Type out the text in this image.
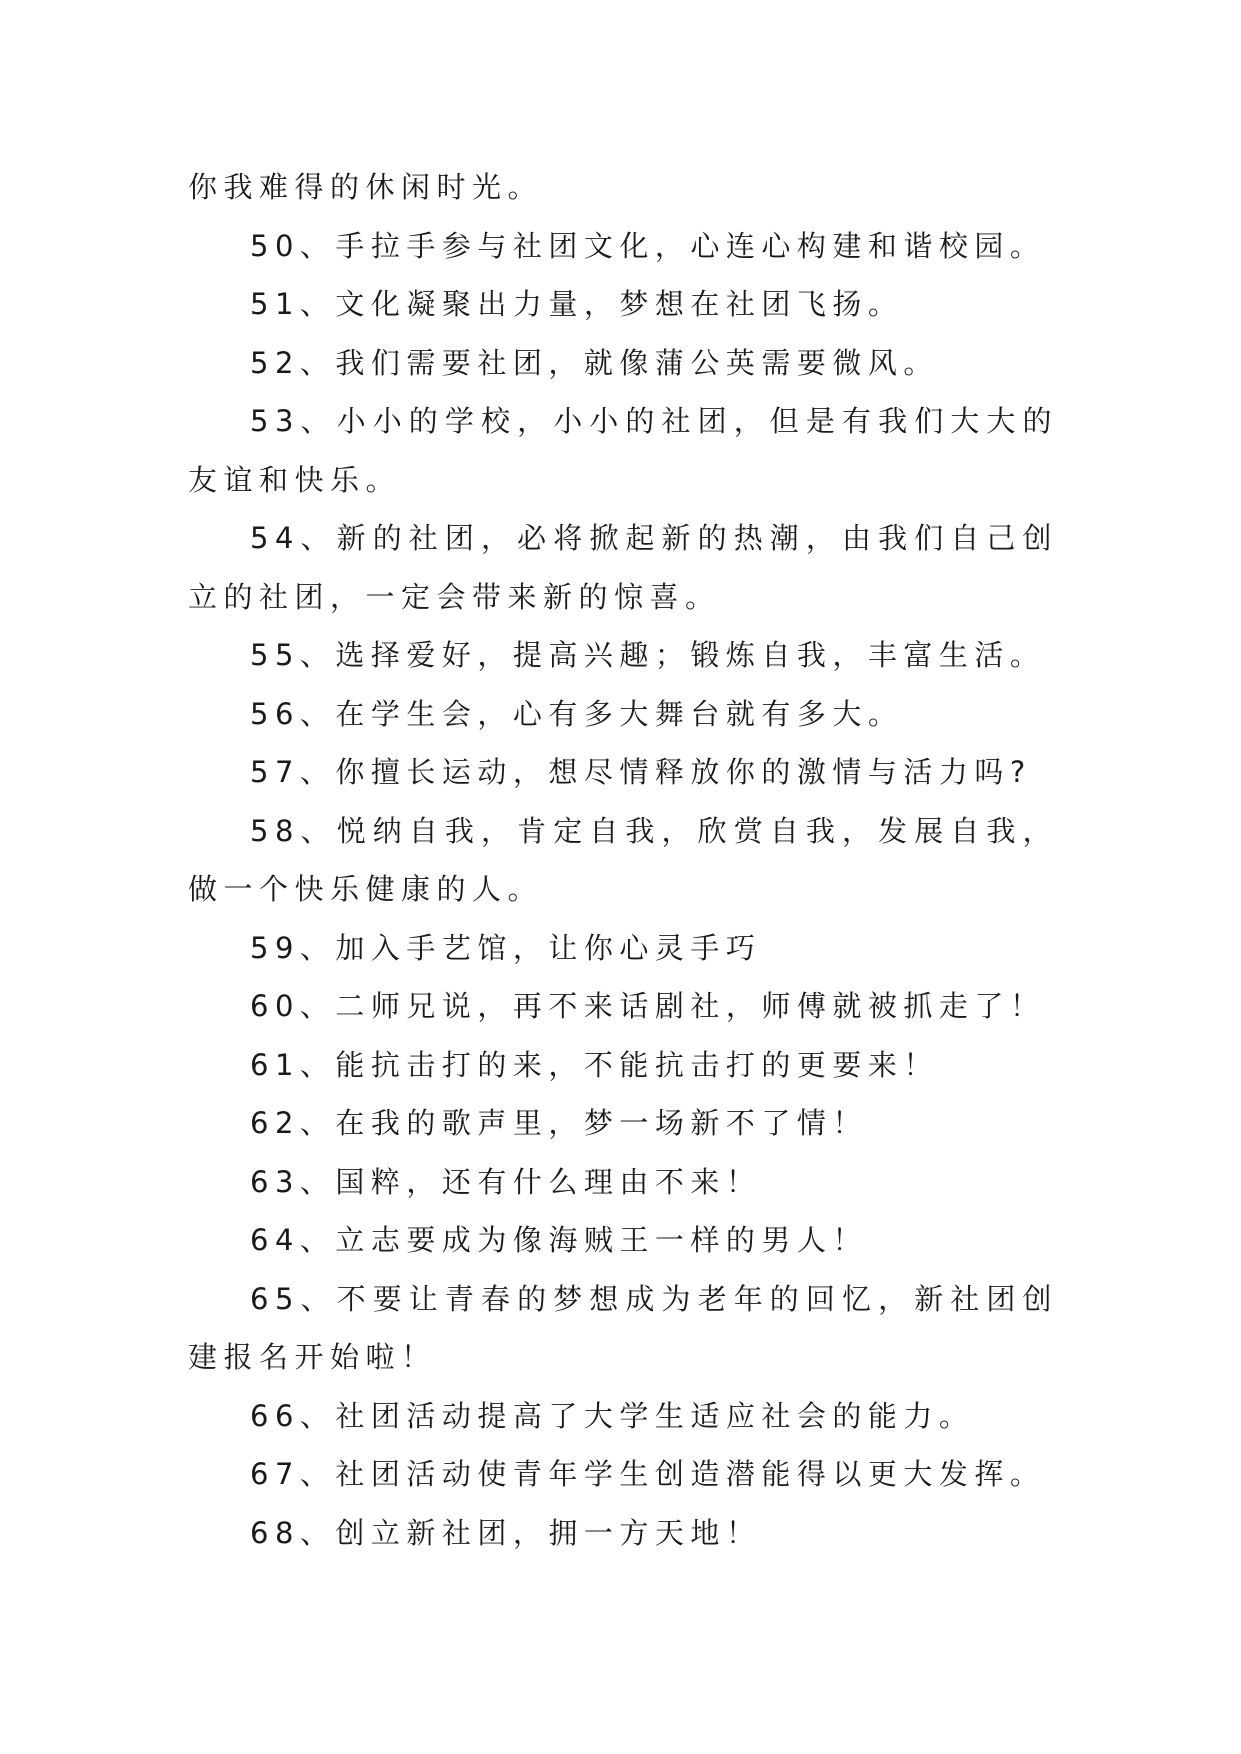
你我难得的休闲时光。

50、手拉手参与社团文化，心连心构建和谐校园。

51、文化凝聚出力量，梦想在社团飞扬。

52、我们需要社团，就像蒲公英需要微风。

53、小小的学校，小小的社团，但是有我们大大的友谊和快乐。

54、新的社团，必将掀起新的热潮，由我们自己创立的社团，一定会带来新的惊喜。

55、选择爱好，提高兴趣；锻炼自我，丰富生活。

56、在学生会，心有多大舞台就有多大。

57、你擅长运动，想尽情释放你的激情与活力吗?

58、悦纳自我，肯定自我，欣赏自我，发展自我，做一个快乐健康的人。

59、加入手艺馆，让你心灵手巧

60、二师兄说，再不来话剧社，师傅就被抓走了！

61、能抗击打的来，不能抗击打的更要来！

62、在我的歌声里，梦一场新不了情！

63、国粹，还有什么理由不来！

64、立志要成为像海贼王一样的男人！

65、不要让青春的梦想成为老年的回忆，新社团创建报名开始啦！

66、社团活动提高了大学生适应社会的能力。

67、社团活动使青年学生创造潜能得以更大发挥。

68、创立新社团，拥一方天地！
